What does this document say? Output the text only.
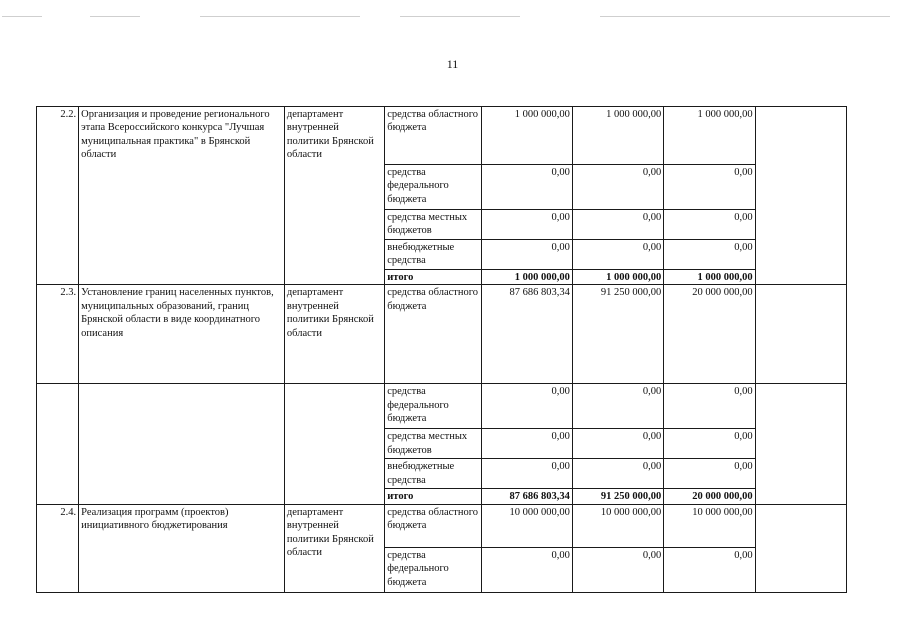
11
2.2.	Организация и проведение регионального этапа Всероссийского конкурса "Лучшая муниципальная практика" в Брянской области	департамент внутренней политики Брянской области	средства областного бюджета	1 000 000,00	1 000 000,00	1 000 000,00	
			средства федерального бюджета	0,00	0,00	0,00	
			средства местных бюджетов	0,00	0,00	0,00	
			внебюджетные средства	0,00	0,00	0,00	
			итого	1 000 000,00	1 000 000,00	1 000 000,00	
2.3.	Установление границ населенных пунктов, муниципальных образований, границ Брянской области в виде координатного описания	департамент внутренней политики Брянской области	средства областного бюджета	87 686 803,34	91 250 000,00	20 000 000,00	
			средства федерального бюджета	0,00	0,00	0,00	
			средства местных бюджетов	0,00	0,00	0,00	
			внебюджетные средства	0,00	0,00	0,00	
			итого	87 686 803,34	91 250 000,00	20 000 000,00	
2.4.	Реализация программ (проектов) инициативного бюджетирования	департамент внутренней политики Брянской области	средства областного бюджета	10 000 000,00	10 000 000,00	10 000 000,00	
			средства федерального бюджета	0,00	0,00	0,00	
